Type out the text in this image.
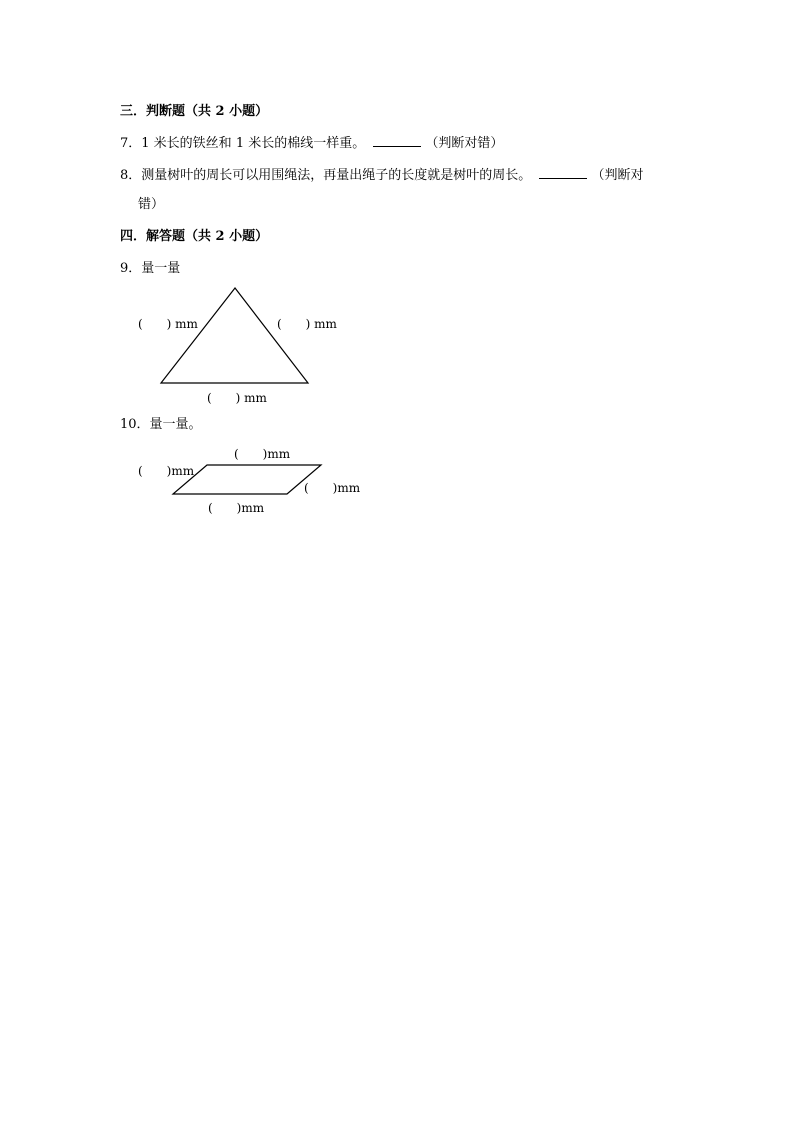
三．判断题（共 2 小题）
7．1 米长的铁丝和 1 米长的棉线一样重。	（判断对错）
8．测量树叶的周长可以用围绳法，再量出绳子的长度就是树叶的周长。	（判断对
错）
四．解答题（共 2 小题）
9．量一量
(　　) mm	(　　) mm
(　　) mm
10．量一量。
(　　)mm
(　　)mm
(　　)mm
(　　)mm
